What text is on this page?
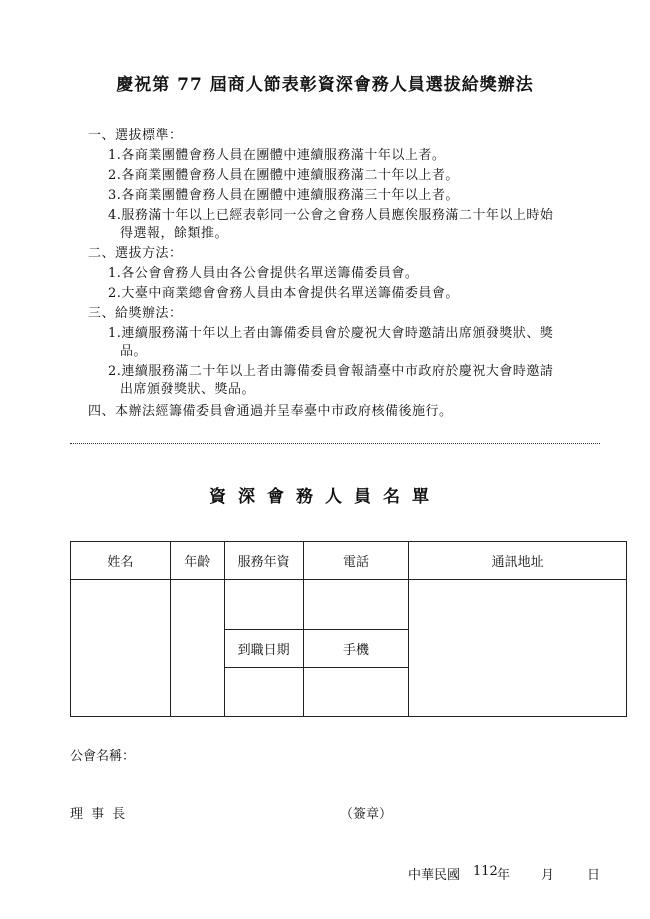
慶祝第 77 屆商人節表彰資深會務人員選拔給獎辦法
一、選拔標準：
1.各商業團體會務人員在團體中連續服務滿十年以上者。
2.各商業團體會務人員在團體中連續服務滿二十年以上者。
3.各商業團體會務人員在團體中連續服務滿三十年以上者。
4.服務滿十年以上已經表彰同一公會之會務人員應俟服務滿二十年以上時始
得選報，餘類推。
二、選拔方法：
1.各公會會務人員由各公會提供名單送籌備委員會。
2.大臺中商業總會會務人員由本會提供名單送籌備委員會。
三、給獎辦法：
1.連續服務滿十年以上者由籌備委員會於慶祝大會時邀請出席頒發獎狀、獎
品。
2.連續服務滿二十年以上者由籌備委員會報請臺中市政府於慶祝大會時邀請
出席頒發獎狀、獎品。
四、本辦法經籌備委員會通過并呈奉臺中市政府核備後施行。
資深會務人員名單
姓名	年齡	服務年資	電話	通訊地址

		到職日期	手機	

公會名稱：
理 事 長	（簽章）
中華民國 112 年 月	日
